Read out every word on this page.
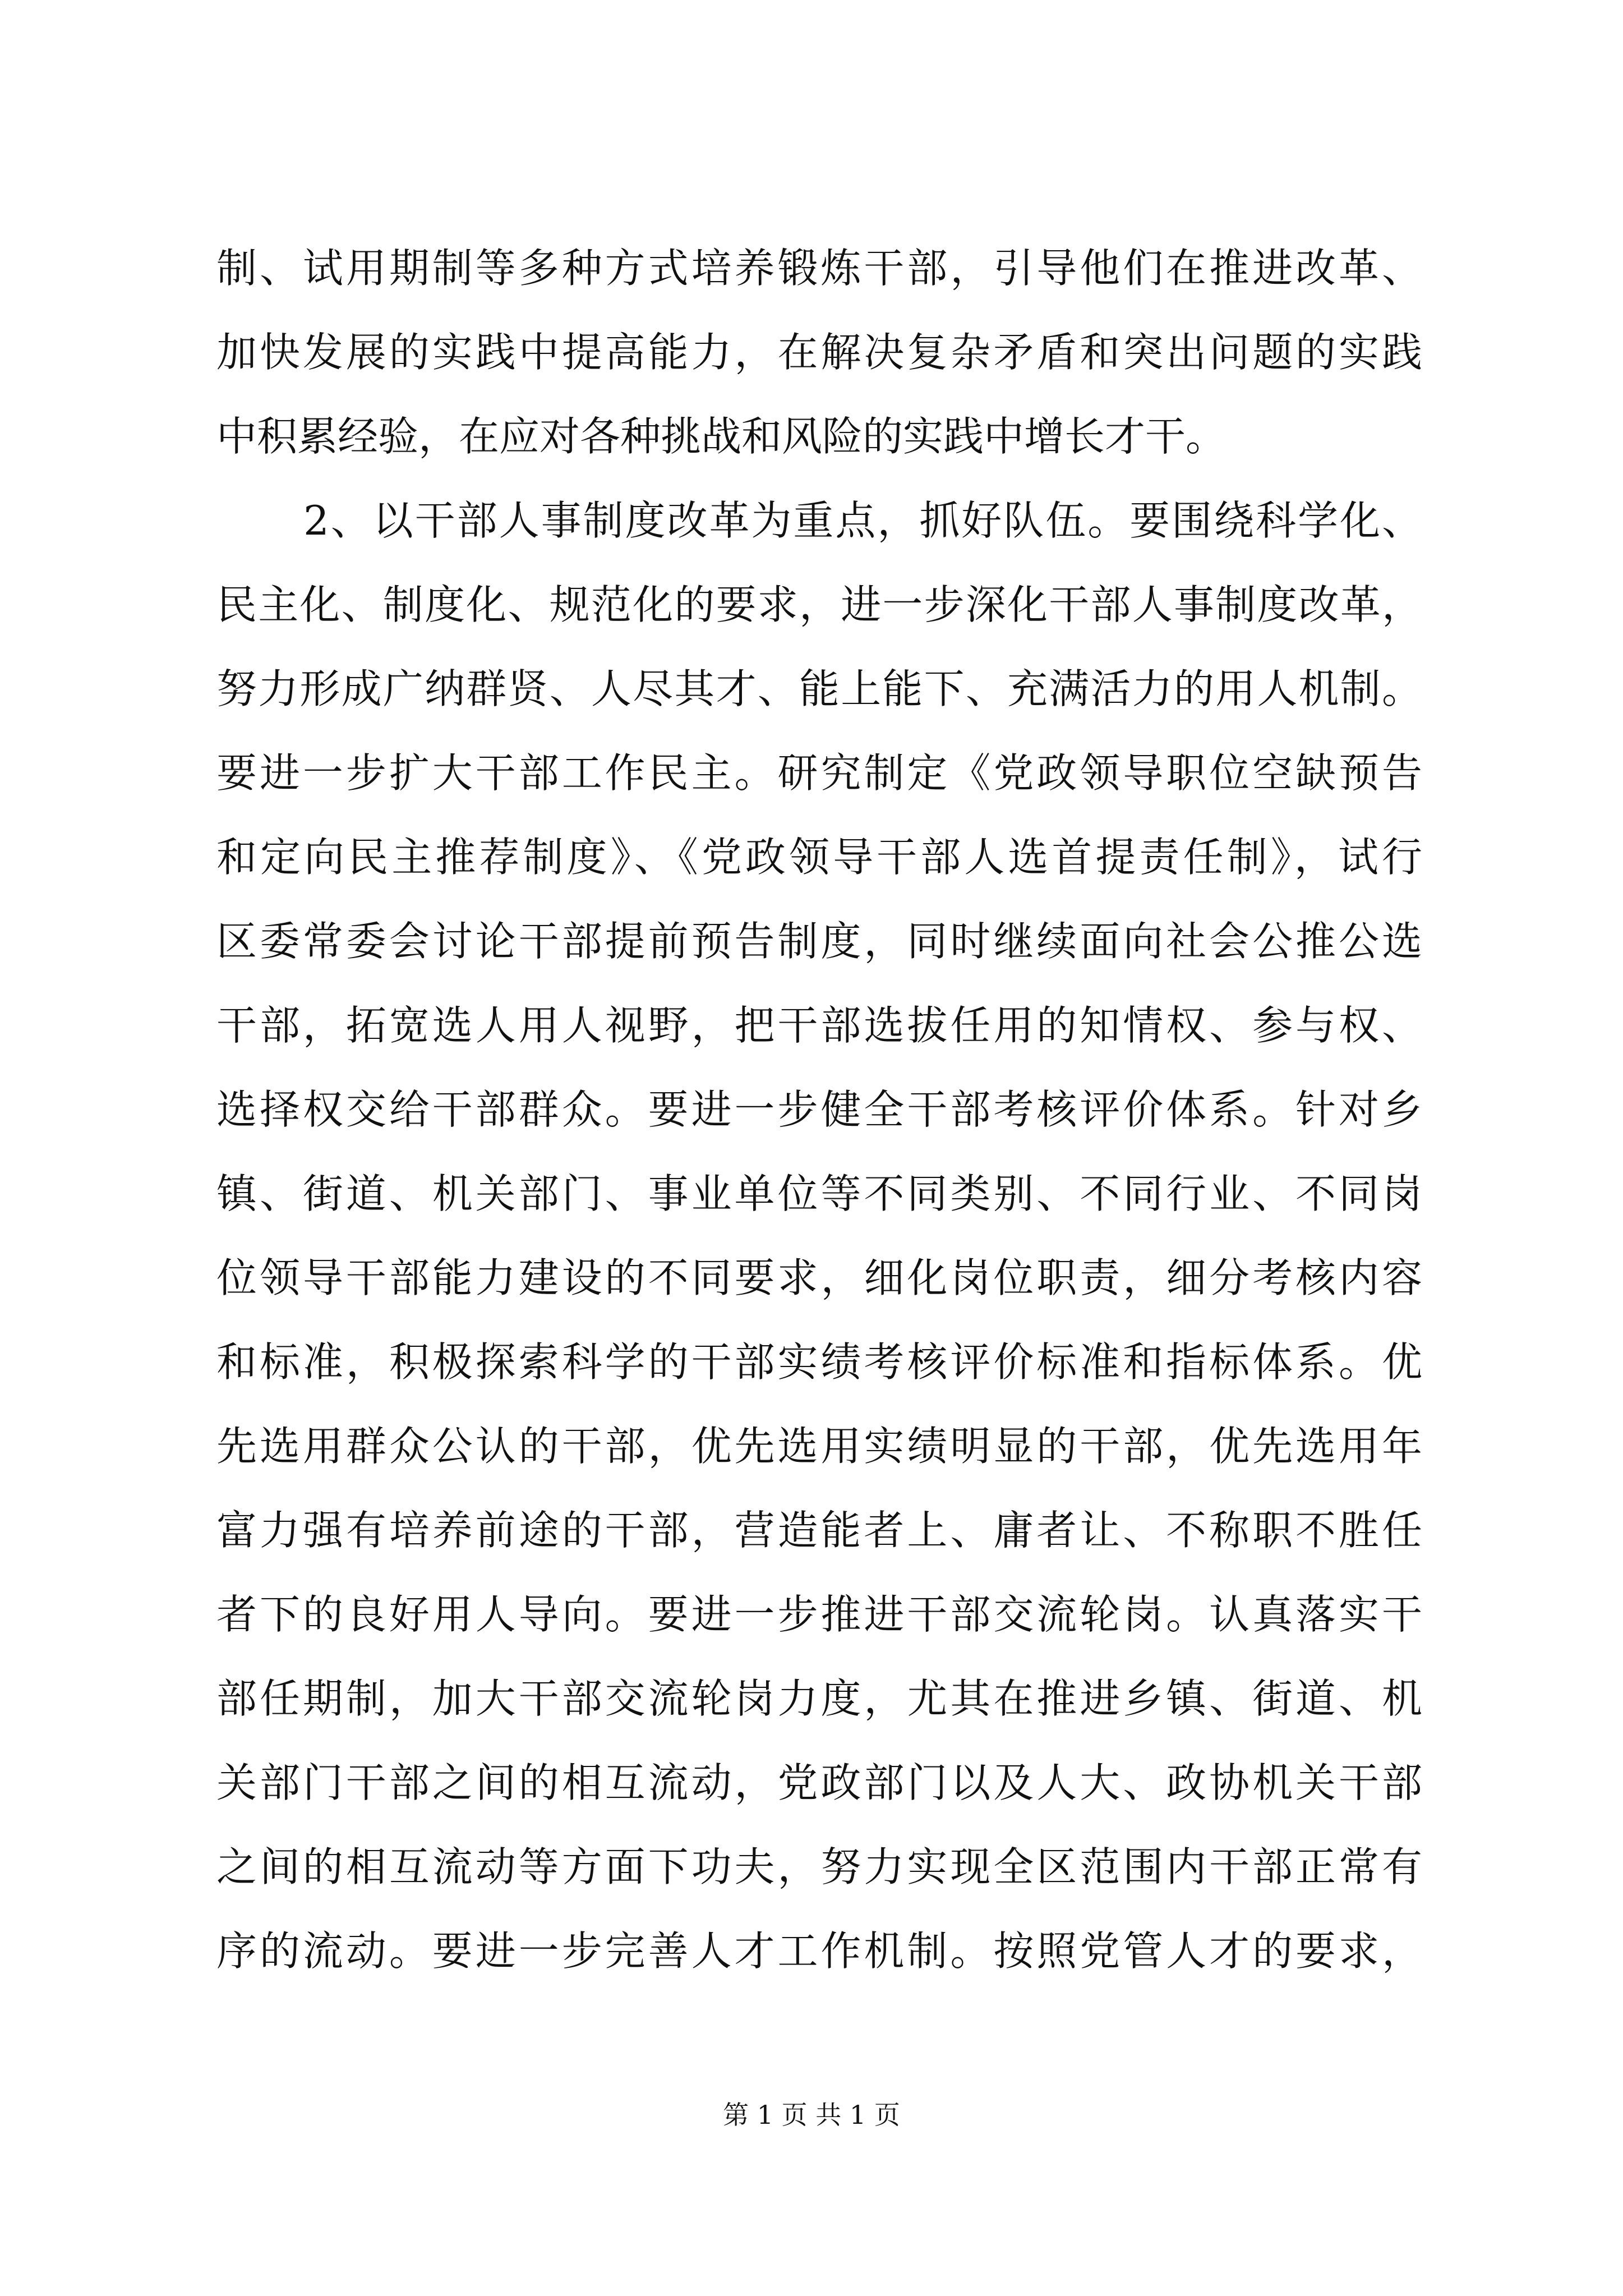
制、试用期制等多种方式培养锻炼干部，引导他们在推进改革、
加快发展的实践中提高能力，在解决复杂矛盾和突出问题的实践
中积累经验，在应对各种挑战和风险的实践中增长才干。
2、以干部人事制度改革为重点，抓好队伍。要围绕科学化、
民主化、制度化、规范化的要求，进一步深化干部人事制度改革，
努力形成广纳群贤、人尽其才、能上能下、充满活力的用人机制。
要进一步扩大干部工作民主。研究制定《党政领导职位空缺预告
和定向民主推荐制度》、《党政领导干部人选首提责任制》，试行
区委常委会讨论干部提前预告制度，同时继续面向社会公推公选
干部，拓宽选人用人视野，把干部选拔任用的知情权、参与权、
选择权交给干部群众。要进一步健全干部考核评价体系。针对乡
镇、街道、机关部门、事业单位等不同类别、不同行业、不同岗
位领导干部能力建设的不同要求，细化岗位职责，细分考核内容
和标准，积极探索科学的干部实绩考核评价标准和指标体系。优
先选用群众公认的干部，优先选用实绩明显的干部，优先选用年
富力强有培养前途的干部，营造能者上、庸者让、不称职不胜任
者下的良好用人导向。要进一步推进干部交流轮岗。认真落实干
部任期制，加大干部交流轮岗力度，尤其在推进乡镇、街道、机
关部门干部之间的相互流动，党政部门以及人大、政协机关干部
之间的相互流动等方面下功夫，努力实现全区范围内干部正常有
序的流动。要进一步完善人才工作机制。按照党管人才的要求，
第 1 页 共 1 页
